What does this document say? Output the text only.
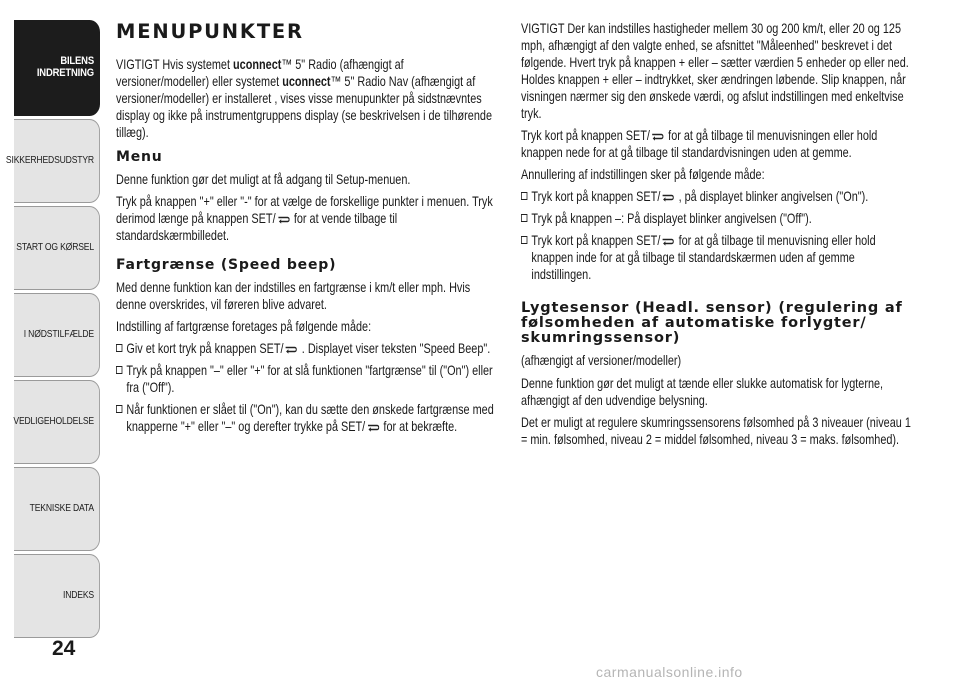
BILENS INDRETNING
SIKKERHEDSUDSTYR
START OG KØRSEL
I NØDSTILFÆLDE
VEDLIGEHOLDELSE
TEKNISKE DATA
INDEKS
24
MENUPUNKTER
VIGTIGT Hvis systemet uconnect™ 5" Radio (afhængigt af versioner/modeller) eller systemet uconnect™ 5" Radio Nav (afhængigt af versioner/modeller) er installeret , vises visse menupunkter på sidstnævntes display og ikke på instrumentgruppens display (se beskrivelsen i de tilhørende tillæg).
Menu
Denne funktion gør det muligt at få adgang til Setup-menuen.
Tryk på knappen "+" eller "-" for at vælge de forskellige punkter i menuen. Tryk derimod længe på knappen SET/
for at vende tilbage til standardskærmbilledet.
Fartgrænse (Speed beep)
Med denne funktion kan der indstilles en fartgrænse i km/t eller mph. Hvis denne overskrides, vil føreren blive advaret.
Indstilling af fartgrænse foretages på følgende måde:
Giv et kort tryk på knappen SET/
. Displayet viser teksten "Speed Beep".
Tryk på knappen "–" eller "+" for at slå funktionen "fartgrænse" til ("On") eller fra ("Off").
Når funktionen er slået til ("On"), kan du sætte den ønskede fartgrænse med knapperne "+" eller "–" og derefter trykke på SET/
for at bekræfte.
VIGTIGT Der kan indstilles hastigheder mellem 30 og 200 km/t, eller 20 og 125 mph, afhængigt af den valgte enhed, se afsnittet "Måleenhed" beskrevet i det følgende. Hvert tryk på knappen + eller – sætter værdien 5 enheder op eller ned. Holdes knappen + eller – indtrykket, sker ændringen løbende. Slip knappen, når visningen nærmer sig den ønskede værdi, og afslut indstillingen med enkeltvise tryk.
Tryk kort på knappen SET/
for at gå tilbage til menuvisningen eller hold knappen nede for at gå tilbage til standardvisningen uden at gemme.
Annullering af indstillingen sker på følgende måde:
Tryk kort på knappen SET/
, på displayet blinker angivelsen ("On").
Tryk på knappen –: På displayet blinker angivelsen ("Off").
Tryk kort på knappen SET/
for at gå tilbage til menuvisning eller hold knappen inde for at gå tilbage til standardskærmen uden af gemme indstillingen.
Lygtesensor (Headl. sensor) (regulering af følsomheden af automatiske forlygter/ skumringssensor)
(afhængigt af versioner/modeller)
Denne funktion gør det muligt at tænde eller slukke automatisk for lygterne, afhængigt af den udvendige belysning.
Det er muligt at regulere skumringssensorens følsomhed på 3 niveauer (niveau 1 = min. følsomhed, niveau 2 = middel følsomhed, niveau 3 = maks. følsomhed).
carmanualsonline.info
